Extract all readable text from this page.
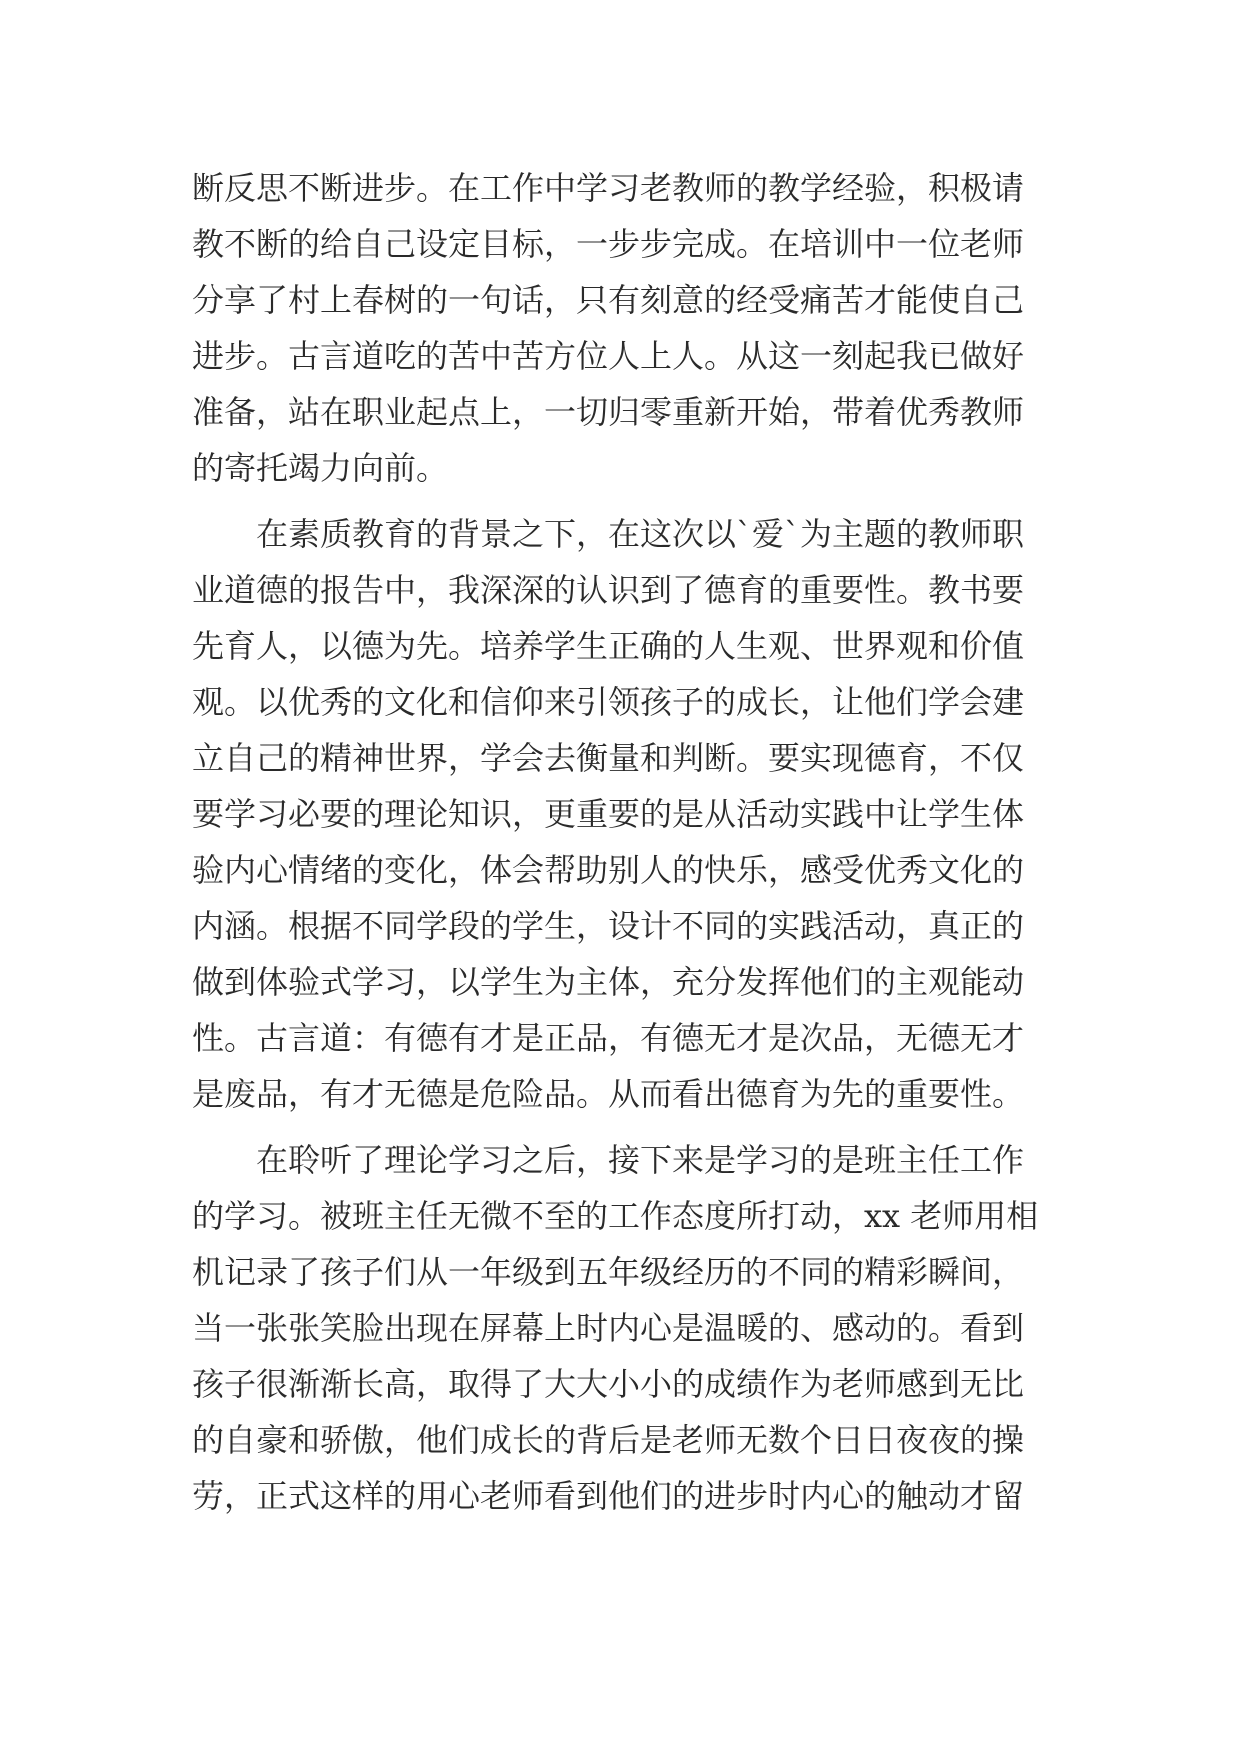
断反思不断进步。在工作中学习老教师的教学经验，积极请
教不断的给自己设定目标，一步步完成。在培训中一位老师
分享了村上春树的一句话，只有刻意的经受痛苦才能使自己
进步。古言道吃的苦中苦方位人上人。从这一刻起我已做好
准备，站在职业起点上，一切归零重新开始，带着优秀教师
的寄托竭力向前。
在素质教育的背景之下，在这次以`爱`为主题的教师职
业道德的报告中，我深深的认识到了德育的重要性。教书要
先育人，以德为先。培养学生正确的人生观、世界观和价值
观。以优秀的文化和信仰来引领孩子的成长，让他们学会建
立自己的精神世界，学会去衡量和判断。要实现德育，不仅
要学习必要的理论知识，更重要的是从活动实践中让学生体
验内心情绪的变化，体会帮助别人的快乐，感受优秀文化的
内涵。根据不同学段的学生，设计不同的实践活动，真正的
做到体验式学习，以学生为主体，充分发挥他们的主观能动
性。古言道：有德有才是正品，有德无才是次品，无德无才
是废品，有才无德是危险品。从而看出德育为先的重要性。
在聆听了理论学习之后，接下来是学习的是班主任工作
的学习。被班主任无微不至的工作态度所打动，xx 老师用相
机记录了孩子们从一年级到五年级经历的不同的精彩瞬间，
当一张张笑脸出现在屏幕上时内心是温暖的、感动的。看到
孩子很渐渐长高，取得了大大小小的成绩作为老师感到无比
的自豪和骄傲，他们成长的背后是老师无数个日日夜夜的操
劳，正式这样的用心老师看到他们的进步时内心的触动才留
